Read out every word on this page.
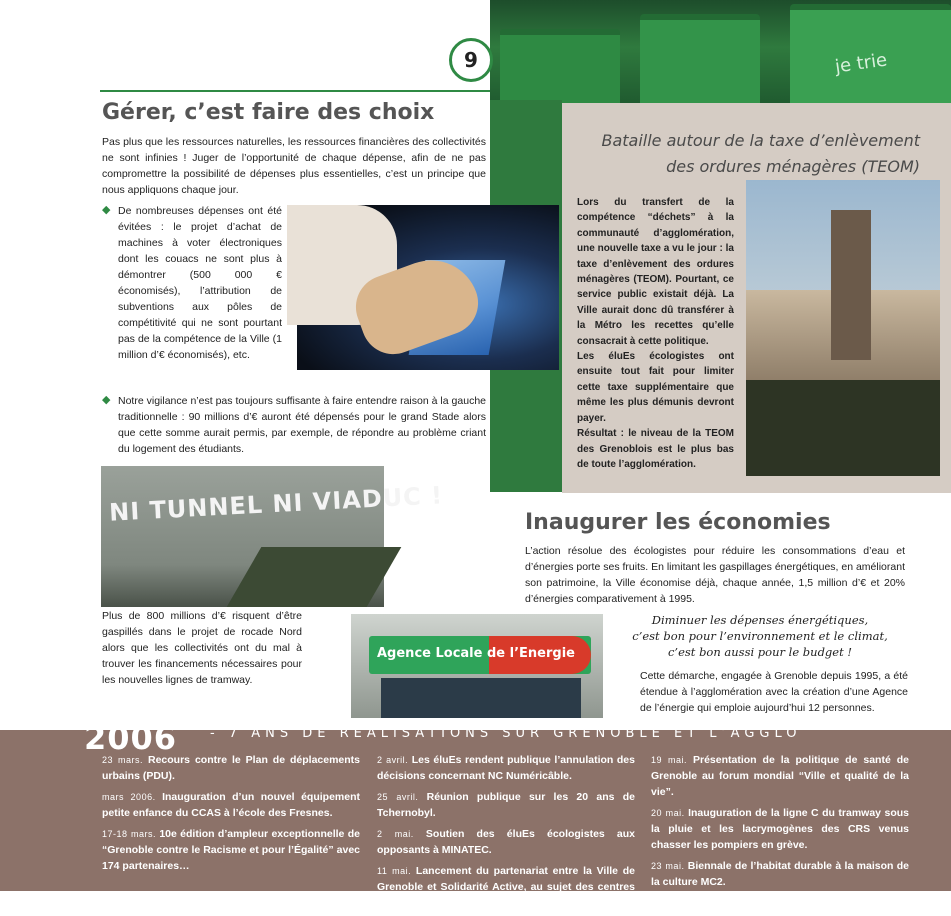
je trie
9
Gérer, c’est faire des choix

Pas plus que les ressources naturelles, les ressources financières des collectivités ne sont infinies ! Juger de l’opportunité de chaque dépense, afin de ne pas compromettre la possibilité de dépenses plus essentielles, c’est un principe que nous appliquons chaque jour.

◆ De nombreuses dépenses ont été évitées : le projet d’achat de machines à voter électroniques dont les couacs ne sont plus à démontrer (500 000 € économisés), l’attribution de subventions aux pôles de compétitivité qui ne sont pourtant pas de la compétence de la Ville (1 million d’€ économisés), etc.

◆ Notre vigilance n’est pas toujours suffisante à faire entendre raison à la gauche traditionnelle : 90 millions d’€ auront été dépensés pour le grand Stade alors que cette somme aurait permis, par exemple, de répondre au problème criant du logement des étudiants.

NI TUNNEL NI VIADUC !

Plus de 800 millions d’€ risquent d’être gaspillés dans le projet de rocade Nord alors que les collectivités ont du mal à trouver les financements nécessaires pour les nouvelles lignes de tramway.

Agence Locale de l’Energie
Bataille autour de la taxe d’enlèvement
des ordures ménagères (TEOM)

Lors du transfert de la compétence “déchets” à la communauté d’agglomération, une nouvelle taxe a vu le jour : la taxe d’enlèvement des ordures ménagères (TEOM). Pourtant, ce service public existait déjà. La Ville aurait donc dû transférer à la Métro les recettes qu’elle consacrait à cette politique.

Les éluEs écologistes ont ensuite tout fait pour limiter cette taxe supplémentaire que même les plus démunis devront payer.

Résultat : le niveau de la TEOM des Grenoblois est le plus bas de toute l’agglomération.

Inaugurer les économies

L’action résolue des écologistes pour réduire les consommations d’eau et d’énergies porte ses fruits. En limitant les gaspillages énergétiques, en améliorant son patrimoine, la Ville économise déjà, chaque année, 1,5 million d’€ et 20% d’énergies comparativement à 1995.

Diminuer les dépenses énergétiques,
c’est bon pour l’environnement et le climat,
c’est bon aussi pour le budget !

Cette démarche, engagée à Grenoble depuis 1995, a été étendue à l’agglomération avec la création d’une Agence de l’énergie qui emploie aujourd’hui 12 personnes.

2006	- 7 ANS DE REALISATIONS SUR GRENOBLE ET L’AGGLO
23 mars. Recours contre le Plan de déplacements urbains (PDU).
mars 2006. Inauguration d’un nouvel équipement petite enfance du CCAS à l’école des Fresnes.
17-18 mars. 10e édition d’ampleur exceptionnelle de “Grenoble contre le Racisme et pour l’Égalité” avec 174 partenaires…
2 avril. Les éluEs rendent publique l’annulation des décisions concernant NC Numéricâble.
25 avril. Réunion publique sur les 20 ans de Tchernobyl.
2 mai. Soutien des éluEs écologistes aux opposants à MINATEC.
11 mai. Lancement du partenariat entre la Ville de Grenoble et Solidarité Active, au sujet des centres de santé, avec M. Girod de l’Ain et Martin Hirsh.
19 mai. Présentation de la politique de santé de Grenoble au forum mondial “Ville et qualité de la vie”.
20 mai. Inauguration de la ligne C du tramway sous la pluie et les lacrymogènes des CRS venus chasser les pompiers en grève.
23 mai. Biennale de l’habitat durable à la maison de la culture MC2.
